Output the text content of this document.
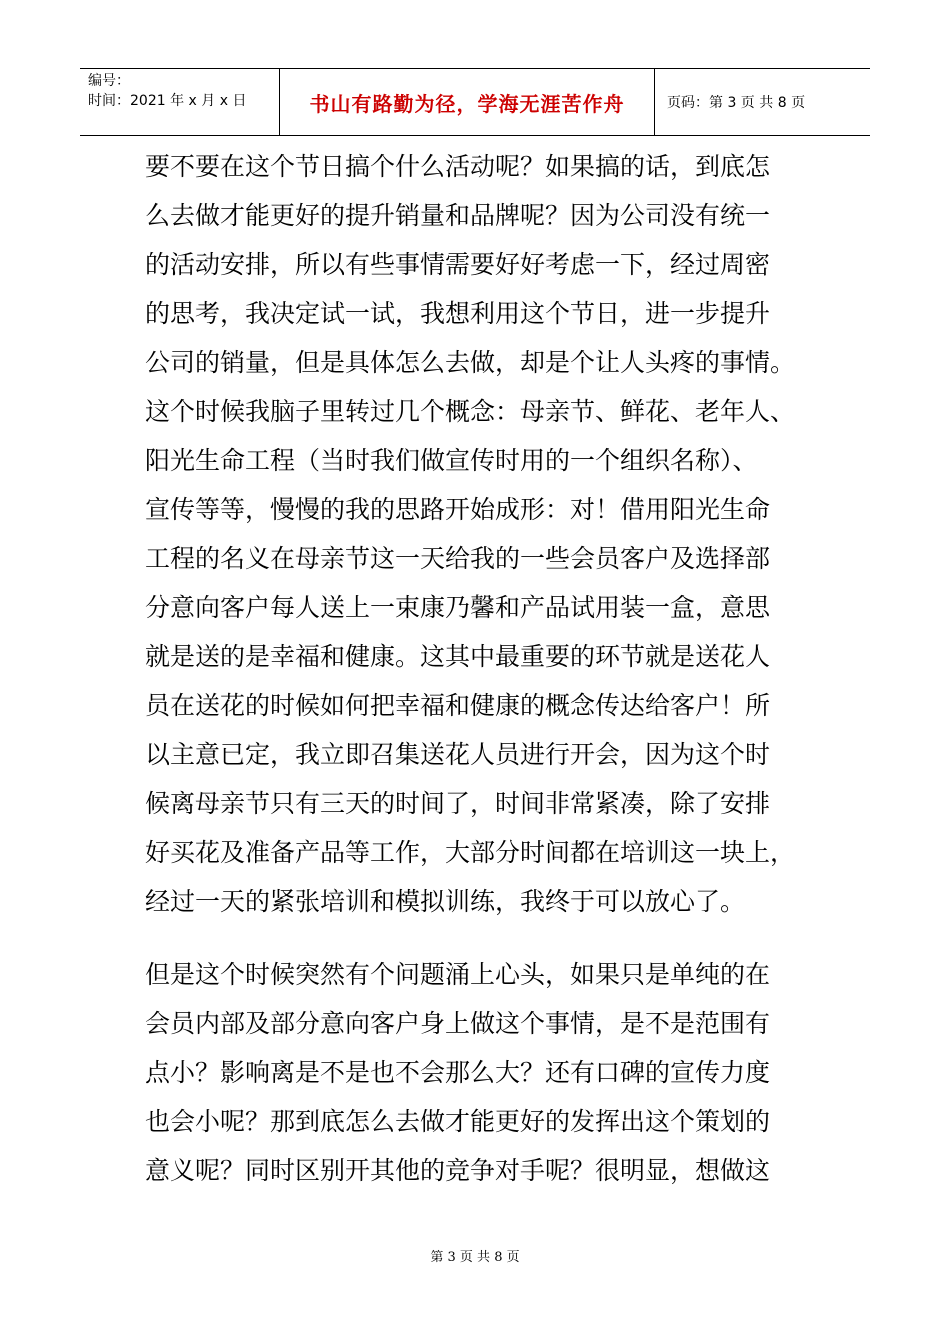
编号：
时间：2021 年 x 月 x 日	书山有路勤为径，学海无涯苦作舟	页码：第 3 页 共 8 页
要不要在这个节日搞个什么活动呢？如果搞的话，到底怎
么去做才能更好的提升销量和品牌呢？因为公司没有统一
的活动安排，所以有些事情需要好好考虑一下，经过周密
的思考，我决定试一试，我想利用这个节日，进一步提升
公司的销量，但是具体怎么去做，却是个让人头疼的事情。
这个时候我脑子里转过几个概念：母亲节、鲜花、老年人、
阳光生命工程（当时我们做宣传时用的一个组织名称）、
宣传等等，慢慢的我的思路开始成形：对！借用阳光生命
工程的名义在母亲节这一天给我的一些会员客户及选择部
分意向客户每人送上一束康乃馨和产品试用装一盒，意思
就是送的是幸福和健康。这其中最重要的环节就是送花人
员在送花的时候如何把幸福和健康的概念传达给客户！所
以主意已定，我立即召集送花人员进行开会，因为这个时
候离母亲节只有三天的时间了，时间非常紧凑，除了安排
好买花及准备产品等工作，大部分时间都在培训这一块上，
经过一天的紧张培训和模拟训练，我终于可以放心了。
但是这个时候突然有个问题涌上心头，如果只是单纯的在
会员内部及部分意向客户身上做这个事情，是不是范围有
点小？影响离是不是也不会那么大？还有口碑的宣传力度
也会小呢？那到底怎么去做才能更好的发挥出这个策划的
意义呢？同时区别开其他的竞争对手呢？很明显，想做这
第 3 页 共 8 页
